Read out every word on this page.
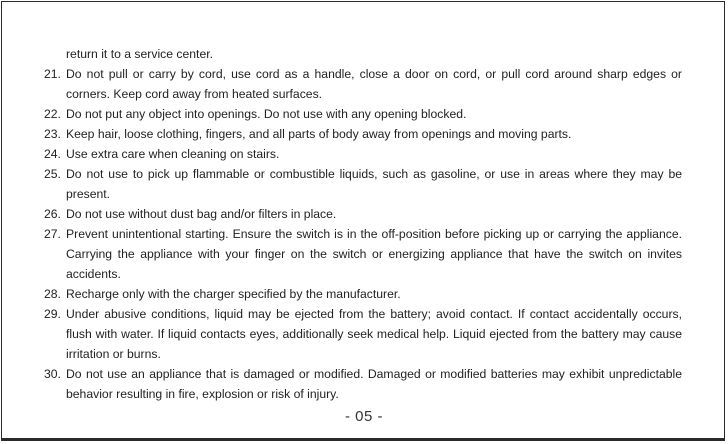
return it to a service center.
21. Do not pull or carry by cord, use cord as a handle, close a door on cord, or pull cord around sharp edges or corners. Keep cord away from heated surfaces.
22. Do not put any object into openings. Do not use with any opening blocked.
23. Keep hair, loose clothing, fingers, and all parts of body away from openings and moving parts.
24. Use extra care when cleaning on stairs.
25. Do not use to pick up flammable or combustible liquids, such as gasoline, or use in areas where they may be present.
26. Do not use without dust bag and/or filters in place.
27. Prevent unintentional starting. Ensure the switch is in the off-position before picking up or carrying the appliance. Carrying the appliance with your finger on the switch or energizing appliance that have the switch on invites accidents.
28. Recharge only with the charger specified by the manufacturer.
29. Under abusive conditions, liquid may be ejected from the battery; avoid contact. If contact accidentally occurs, flush with water. If liquid contacts eyes, additionally seek medical help. Liquid ejected from the battery may cause irritation or burns.
30. Do not use an appliance that is damaged or modified. Damaged or modified batteries may exhibit unpredictable behavior resulting in fire, explosion or risk of injury.
- 05 -
